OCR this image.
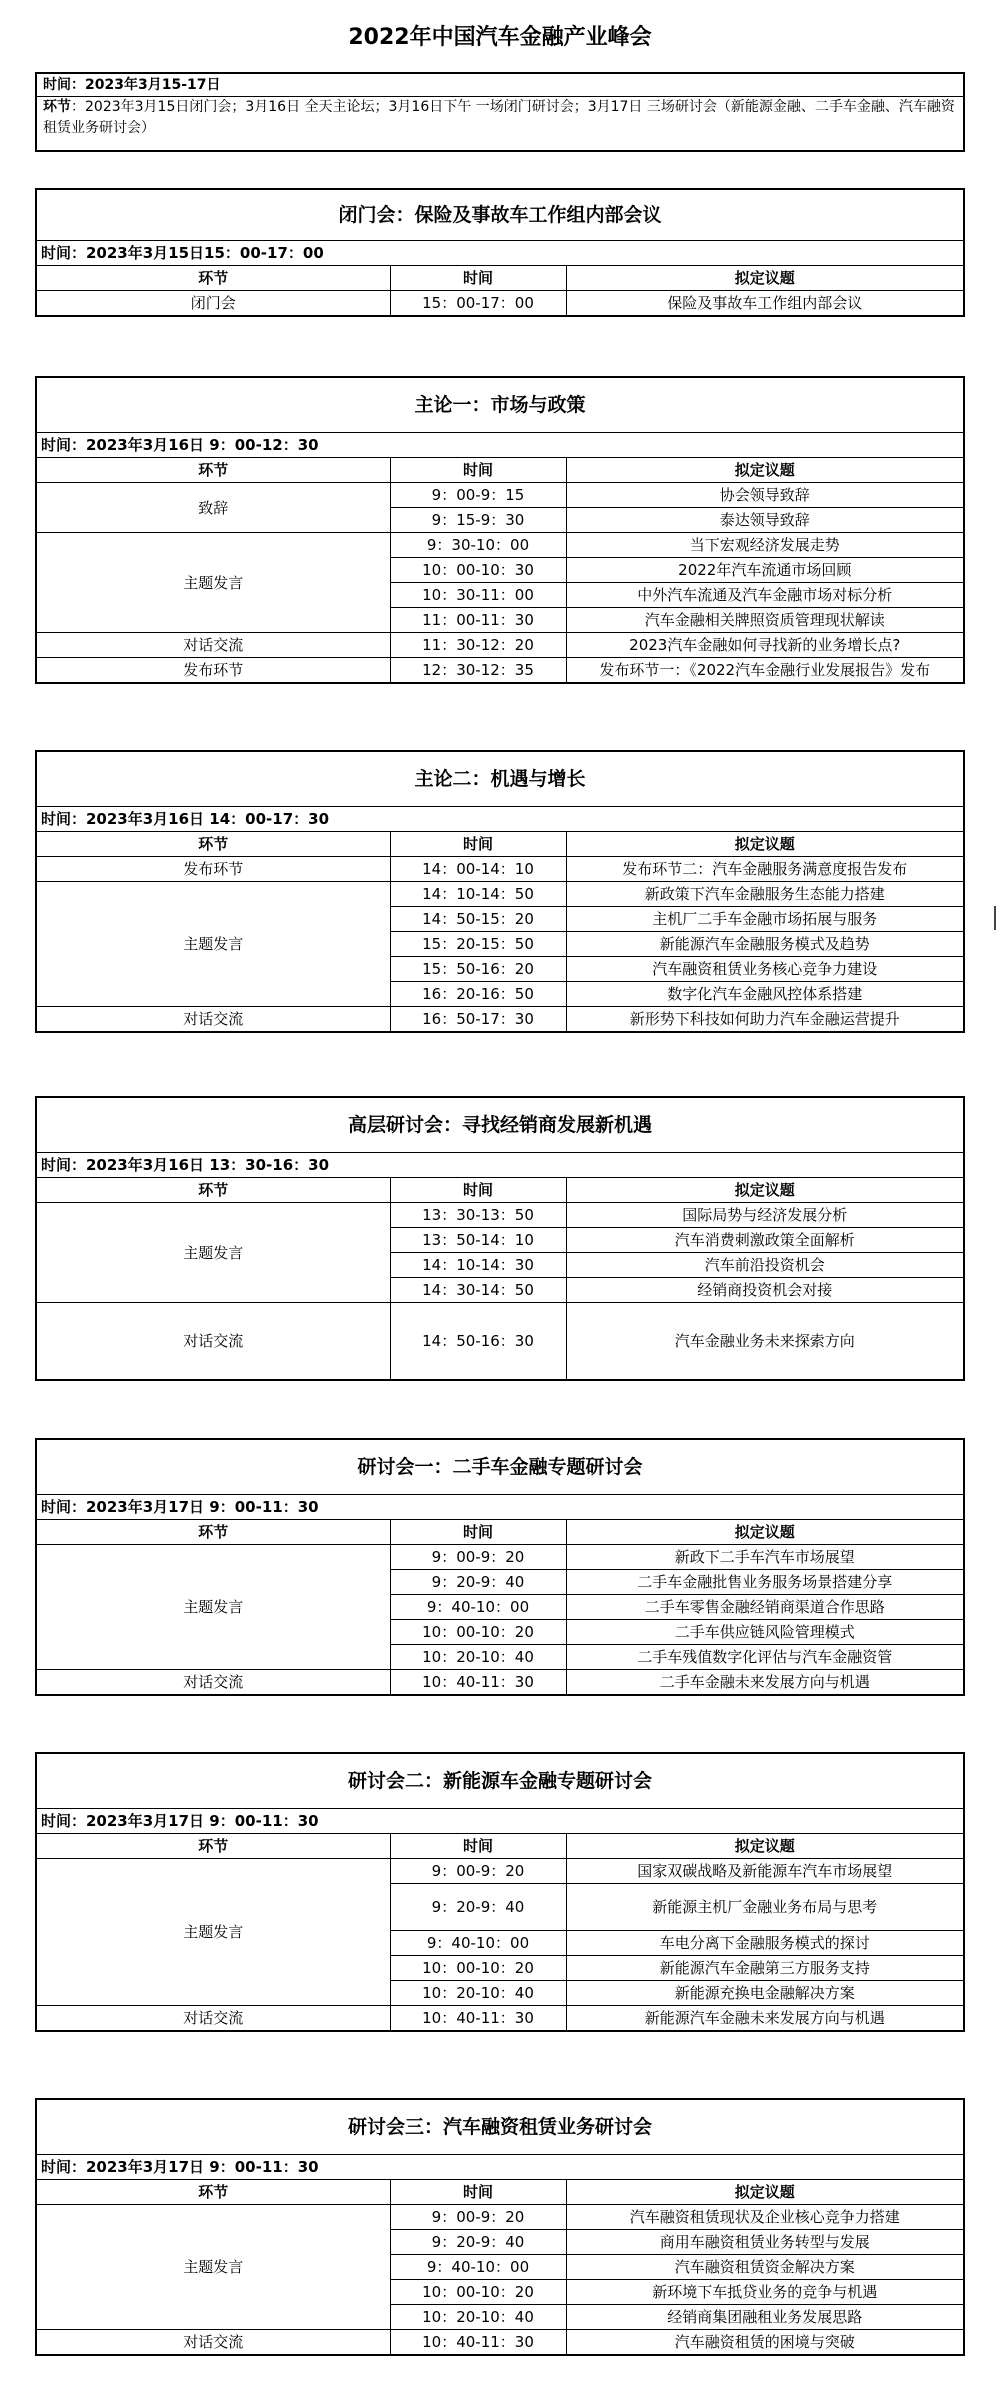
2022年中国汽车金融产业峰会
时间：2023年3月15-17日
环节：2023年3月15日闭门会；3月16日 全天主论坛；3月16日下午 一场闭门研讨会；3月17日 三场研讨会（新能源金融、二手车金融、汽车融资租赁业务研讨会）
闭门会：保险及事故车工作组内部会议		
时间：2023年3月15日15：00-17：00		
环节	时间	拟定议题
闭门会	15：00-17：00	保险及事故车工作组内部会议
主论一：市场与政策		
时间：2023年3月16日 9：00-12：30		
环节	时间	拟定议题
致辞	9：00-9：15	协会领导致辞
	9：15-9：30	泰达领导致辞
主题发言	9：30-10：00	当下宏观经济发展走势
	10：00-10：30	2022年汽车流通市场回顾
	10：30-11：00	中外汽车流通及汽车金融市场对标分析
	11：00-11：30	汽车金融相关牌照资质管理现状解读
对话交流	11：30-12：20	2023汽车金融如何寻找新的业务增长点?
发布环节	12：30-12：35	发布环节一：《2022汽车金融行业发展报告》发布
主论二：机遇与增长		
时间：2023年3月16日 14：00-17：30		
环节	时间	拟定议题
发布环节	14：00-14：10	发布环节二：汽车金融服务满意度报告发布
主题发言	14：10-14：50	新政策下汽车金融服务生态能力搭建
	14：50-15：20	主机厂二手车金融市场拓展与服务
	15：20-15：50	新能源汽车金融服务模式及趋势
	15：50-16：20	汽车融资租赁业务核心竞争力建设
	16：20-16：50	数字化汽车金融风控体系搭建
对话交流	16：50-17：30	新形势下科技如何助力汽车金融运营提升
高层研讨会：寻找经销商发展新机遇		
时间：2023年3月16日 13：30-16：30		
环节	时间	拟定议题
主题发言	13：30-13：50	国际局势与经济发展分析
	13：50-14：10	汽车消费刺激政策全面解析
	14：10-14：30	汽车前沿投资机会
	14：30-14：50	经销商投资机会对接
对话交流	14：50-16：30	汽车金融业务未来探索方向
研讨会一：二手车金融专题研讨会		
时间：2023年3月17日 9：00-11：30		
环节	时间	拟定议题
主题发言	9：00-9：20	新政下二手车汽车市场展望
	9：20-9：40	二手车金融批售业务服务场景搭建分享
	9：40-10：00	二手车零售金融经销商渠道合作思路
	10：00-10：20	二手车供应链风险管理模式
	10：20-10：40	二手车残值数字化评估与汽车金融资管
对话交流	10：40-11：30	二手车金融未来发展方向与机遇
研讨会二：新能源车金融专题研讨会		
时间：2023年3月17日 9：00-11：30		
环节	时间	拟定议题
主题发言	9：00-9：20	国家双碳战略及新能源车汽车市场展望
	9：20-9：40	新能源主机厂金融业务布局与思考
	9：40-10：00	车电分离下金融服务模式的探讨
	10：00-10：20	新能源汽车金融第三方服务支持
	10：20-10：40	新能源充换电金融解决方案
对话交流	10：40-11：30	新能源汽车金融未来发展方向与机遇
研讨会三：汽车融资租赁业务研讨会		
时间：2023年3月17日 9：00-11：30		
环节	时间	拟定议题
主题发言	9：00-9：20	汽车融资租赁现状及企业核心竞争力搭建
	9：20-9：40	商用车融资租赁业务转型与发展
	9：40-10：00	汽车融资租赁资金解决方案
	10：00-10：20	新环境下车抵贷业务的竞争与机遇
	10：20-10：40	经销商集团融租业务发展思路
对话交流	10：40-11：30	汽车融资租赁的困境与突破
